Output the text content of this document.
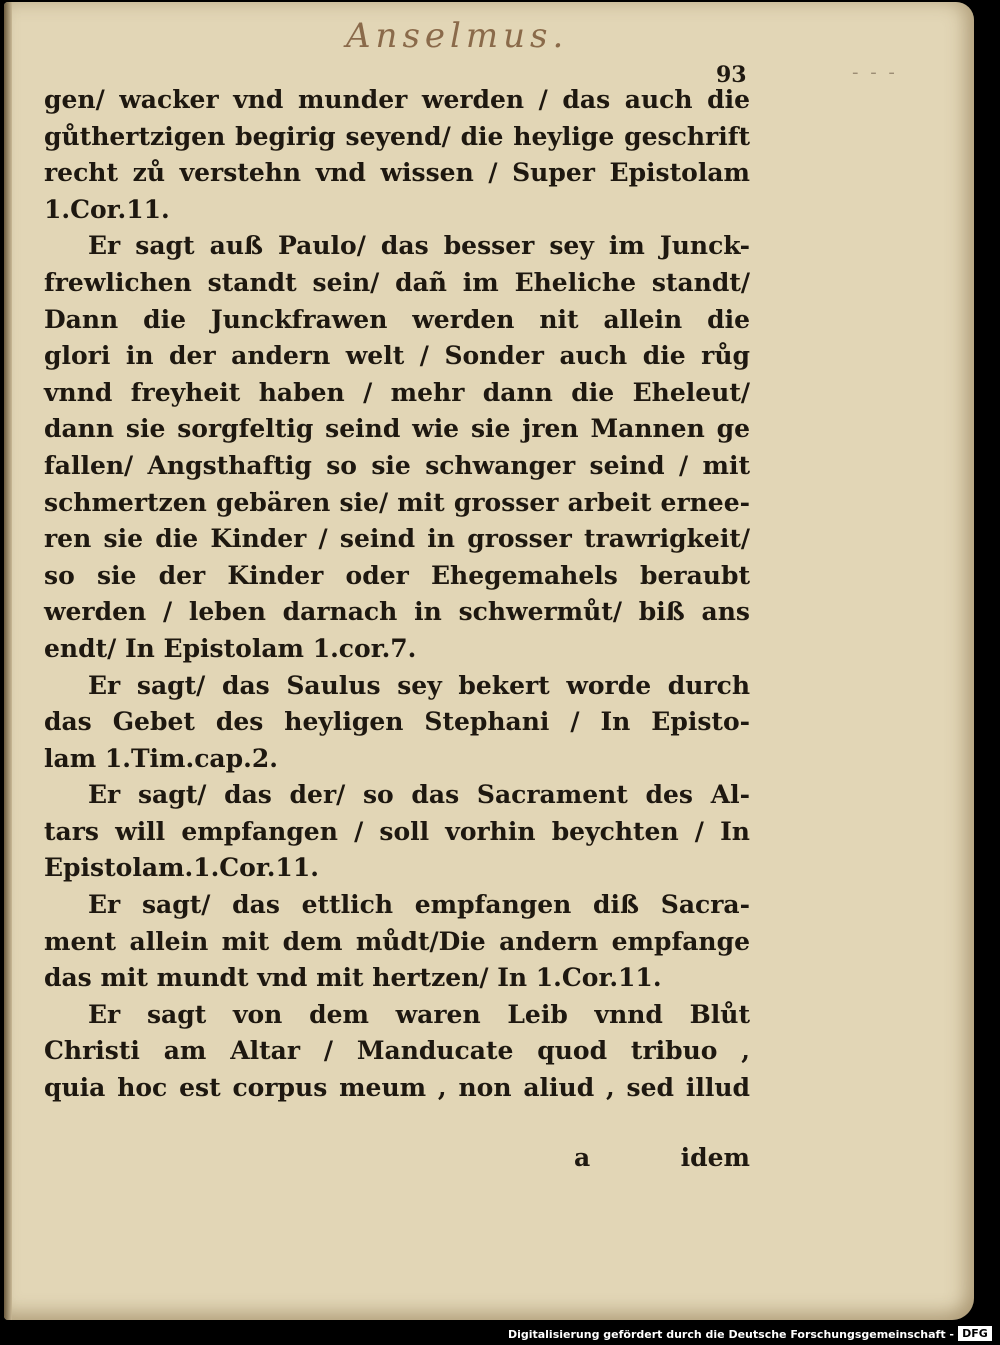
Anselmus.
- - -
93
gen/ wacker vnd munder werden / das auch die
gůthertzigen begirig seyend/ die heylige geschrift
recht zů verstehn vnd wissen / Super Epistolam
1.Cor.11.
Er sagt auß Paulo/ das besser sey im Junck-
frewlichen standt sein/ dañ im Eheliche standt/
Dann die Junckfrawen werden nit allein die
glori in der andern welt / Sonder auch die růg
vnnd freyheit haben / mehr dann die Eheleut/
dann sie sorgfeltig seind wie sie jren Mannen ge
fallen/ Angsthaftig so sie schwanger seind / mit
schmertzen gebären sie/ mit grosser arbeit ernee-
ren sie die Kinder / seind in grosser trawrigkeit/
so sie der Kinder oder Ehegemahels beraubt
werden / leben darnach in schwermůt/ biß ans
endt/ In Epistolam 1.cor.7.
Er sagt/ das Saulus sey bekert worde durch
das Gebet des heyligen Stephani / In Episto-
lam 1.Tim.cap.2.
Er sagt/ das der/ so das Sacrament des Al-
tars will empfangen / soll vorhin beychten / In
Epistolam.1.Cor.11.
Er sagt/ das ettlich empfangen diß Sacra-
ment allein mit dem můdt/Die andern empfange
das mit mundt vnd mit hertzen/ In 1.Cor.11.
Er sagt von dem waren Leib vnnd Blůt
Christi am Altar / Manducate quod tribuo ,
quia hoc est corpus meum , non aliud , sed illud
a	idem
Digitalisierung gefördert durch die Deutsche Forschungsgemeinschaft - DFG
